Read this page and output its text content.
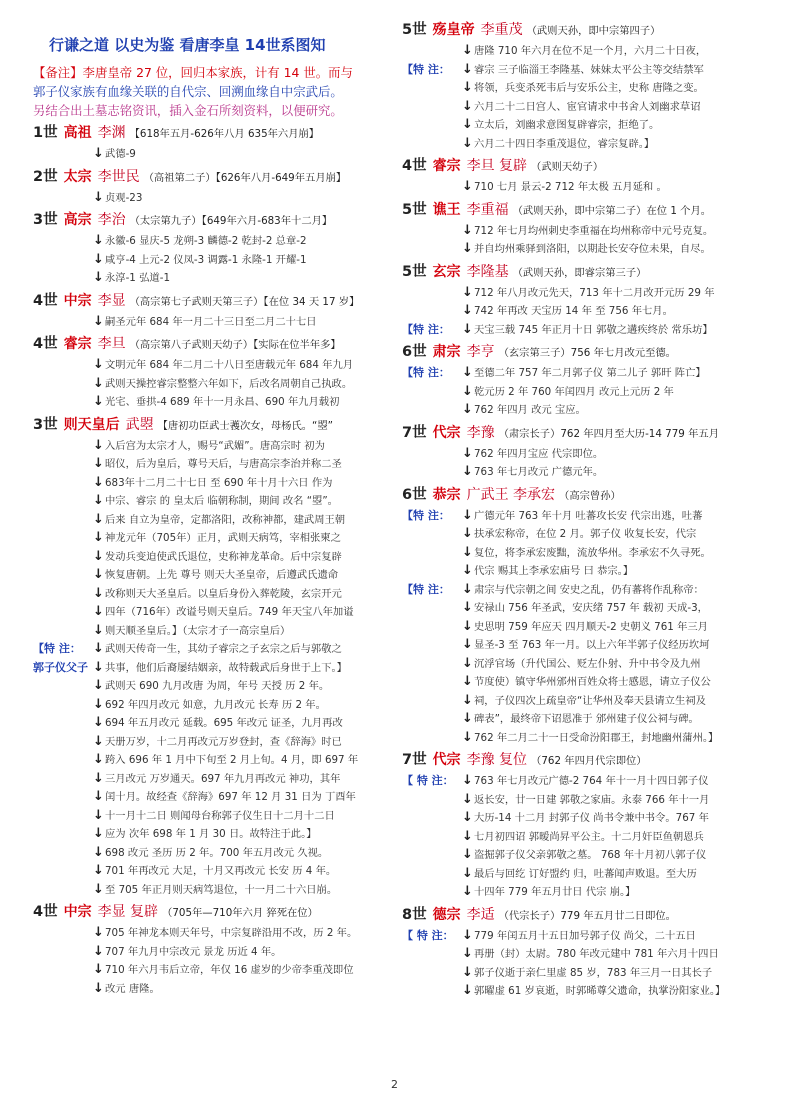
行谦之道 以史为鉴 看唐李皇 14世系图知
【备注】李唐皇帝 27 位，回归本家族，计有 14 世。而与
郭子仪家族有血缘关联的自代宗、回溯血缘自中宗武后。
另结合出土墓志铭资讯，插入金石所刻资料，以便研究。
1世 高祖 李渊 【618年五月-626年八月 635年六月崩】
↓ 武德-9
2世 太宗 李世民 （高祖第二子）【626年八月-649年五月崩】
↓ 贞观-23
3世 高宗 李治 （太宗第九子）【649年六月-683年十二月】
↓ 永徽-6 显庆-5 龙朔-3 麟德-2 乾封-2 总章-2
↓ 咸亨-4 上元-2 仪凤-3 调露-1 永隆-1 开耀-1
↓ 永淳-1 弘道-1
4世 中宗 李显 （高宗第七子武则天第三子）【在位 34 天 17 岁】
↓ 嗣圣元年 684 年一月二十三日至二月二十七日
4世 睿宗 李旦 （高宗第八子武则天幼子）【实际在位半年多】
↓ 文明元年 684 年二月二十八日至唐载元年 684 年九月
↓ 武则天操控睿宗整整六年如下，后改名周朝自己执政。
↓ 光宅、垂拱-4 689 年十一月永昌、690 年九月载初
3世 则天皇后 武曌 【唐初功臣武士彟次女，母杨氏。“曌”
↓ 入后宫为太宗才人，赐号“武媚”。唐高宗时 初为
↓ 昭仪，后为皇后，尊号天后，与唐高宗李治并称二圣
↓ 683年十二月二十七日 至 690 年十月十六日 作为
↓ 中宗、睿宗 的 皇太后 临朝称制，期间 改名 “曌”。
↓ 后来 自立为皇帝，定都洛阳，改称神都，建武周王朝
↓ 神龙元年（705年）正月，武则天病笃，宰相张柬之
↓ 发动兵变迫使武氏退位，史称神龙革命。后中宗复辟
↓ 恢复唐朝。上先 尊号 则天大圣皇帝，后遵武氏遗命
↓ 改称则天大圣皇后。以皇后身份入葬乾陵，玄宗开元
↓ 四年（716年）改谥号则天皇后。749 年天宝八年加谥
↓ 则天顺圣皇后。】（太宗才子一高宗皇后）
↓ 【特 注： 武则天传奇一生，其幼子睿宗之子玄宗之后与郭敬之
↓ 郭子仪父子 共事，他们后裔屡结姻亲，故特载武后身世于上下。】
↓ 武则天 690 九月改唐 为周，年号 天授 历 2 年。
↓ 692 年四月改元 如意，九月改元 长寿 历 2 年。
↓ 694 年五月改元 延载。695 年改元 证圣，九月再改
↓ 天册万岁，十二月再改元万岁登封，查《辞海》时已
↓ 跨入 696 年 1 月中下旬至 2 月上旬。4 月，即 697 年
↓ 三月改元 万岁通天。697 年九月再改元 神功，其年
↓ 闰十月。故经查《辞海》697 年 12 月 31 日为 丁酉年
↓ 十一月十二日 则闻母台称郭子仪生日十二月十二日
↓ 应为 次年 698 年 1 月 30 日。故特注于此。】
↓ 698 改元 圣历 历 2 年。700 年五月改元 久视。
↓ 701 年再改元 大足，十月又再改元 长安 历 4 年。
↓ 至 705 年正月则天病笃退位，十一月二十六日崩。
4世 中宗 李显 复辟 （705年—710年六月 猝死在位）
↓ 705 年神龙本则天年号，中宗复辟沿用不改，历 2 年。
↓ 707 年九月中宗改元 景龙 历近 4 年。
↓ 710 年六月韦后立帝，年仅 16 虚岁的少帝李重茂即位
↓ 改元 唐隆。
5世 殇皇帝 李重茂 （武则天孙，即中宗第四子）
↓ 唐隆 710 年六月在位不足一个月，六月二十日夜，
↓ 【特 注： 睿宗 三子临淄王李隆基、妹妹太平公主等交结禁军
↓ 将领，兵变杀死韦后与安乐公主，史称 唐隆之变。
↓ 六月二十二日宫人、宦官请求中书舍人刘幽求草诏
↓ 立太后，刘幽求意图复辟睿宗，拒绝了。
↓ 六月二十四日李重茂退位，睿宗复辟。】
4世 睿宗 李旦 复辟 （武则天幼子）
↓ 710 七月 景云-2 712 年太极 五月延和 。
5世 谯王 李重福 （武则天孙，即中宗第二子）在位 1 个月。
↓ 712 年七月均州刺史李重福在均州称帝中元号克复。
↓ 并自均州乘驿到洛阳，以期赴长安夺位未果，自尽。
5世 玄宗 李隆基 （武则天孙，即睿宗第三子）
↓ 712 年八月改元先天，713 年十二月改开元历 29 年
↓ 742 年再改 天宝历 14 年 至 756 年七月。
↓ 【特 注： 天宝三载 745 年正月十日 郭敬之遘疾终於 常乐坊】
6世 肃宗 李亨 （玄宗第三子）756 年七月改元至德。
↓ 【特 注： 至德二年 757 年二月郭子仪 第二儿子 郭旰 阵亡】
↓ 乾元历 2 年 760 年闰四月 改元上元历 2 年
↓ 762 年四月 改元 宝应。
7世 代宗 李豫 （肃宗长子）762 年四月至大历-14 779 年五月
↓ 762 年四月宝应 代宗即位。
↓ 763 年七月改元 广德元年。
6世 恭宗 广武王 李承宏 （高宗曾孙）
↓ 【特 注： 广德元年 763 年十月 吐蕃攻长安 代宗出逃，吐蕃
↓ 扶承宏称帝，在位 2 月。郭子仪 收复长安，代宗
↓ 复位，将李承宏废黜，流放华州。李承宏不久寻死。
↓ 代宗 赐其上李承宏庙号 曰 恭宗。】
↓ 【特 注： 肃宗与代宗朝之间 安史之乱，仍有蕃将作乱称帝：
↓ 安禄山 756 年圣武，安庆绪 757 年 载初 天成-3，
↓ 史思明 759 年应天 四月顺天-2 史朝义 761 年三月
↓ 显圣-3 至 763 年一月。以上六年半郭子仪经历坎坷
↓ 沉浮官场（升代国公、贬左仆射、升中书令及九州
↓ 节度使）镇守华州邠州百姓众将士感恩，请立子仪公
↓ 祠，子仪四次上疏皇帝“让华州及奉天县请立生祠及
↓ 碑表”，最终帝下诏恩准于 邠州建子仪公祠与碑。
↓ 762 年二月二十一日受命汾阳郡王，封地幽州蒲州。】
7世 代宗 李豫 复位 （762 年四月代宗即位）
↓ 【 特 注： 763 年七月改元广德-2 764 年十一月十四日郭子仪
↓ 返长安，廿一日建 郭敬之家庙。永泰 766 年十一月
↓ 大历-14 十二月 封郭子仪 尚书令兼中书令。767 年
↓ 七月初四诏 郭暧尚昇平公主。十二月奸臣鱼朝恩兵
↓ 盗掘郭子仪父亲郭敬之墓。 768 年十月初八郭子仪
↓ 最后与回纥 订好盟约 归，吐蕃闻声败退。至大历
↓ 十四年 779 年五月廿日 代宗 崩。】
8世 德宗 李适 （代宗长子）779 年五月廿二日即位。
↓ 【 特 注： 779 年闰五月十五日加号郭子仪 尚父，二十五日
↓ 再册（封）太尉。780 年改元建中 781 年六月十四日
↓ 郭子仪逝于亲仁里虚 85 岁，783 年三月一日其长子
↓ 郭曜虚 61 岁哀逝，时郭晞尊父遗命，执掌汾阳家业。】
2
